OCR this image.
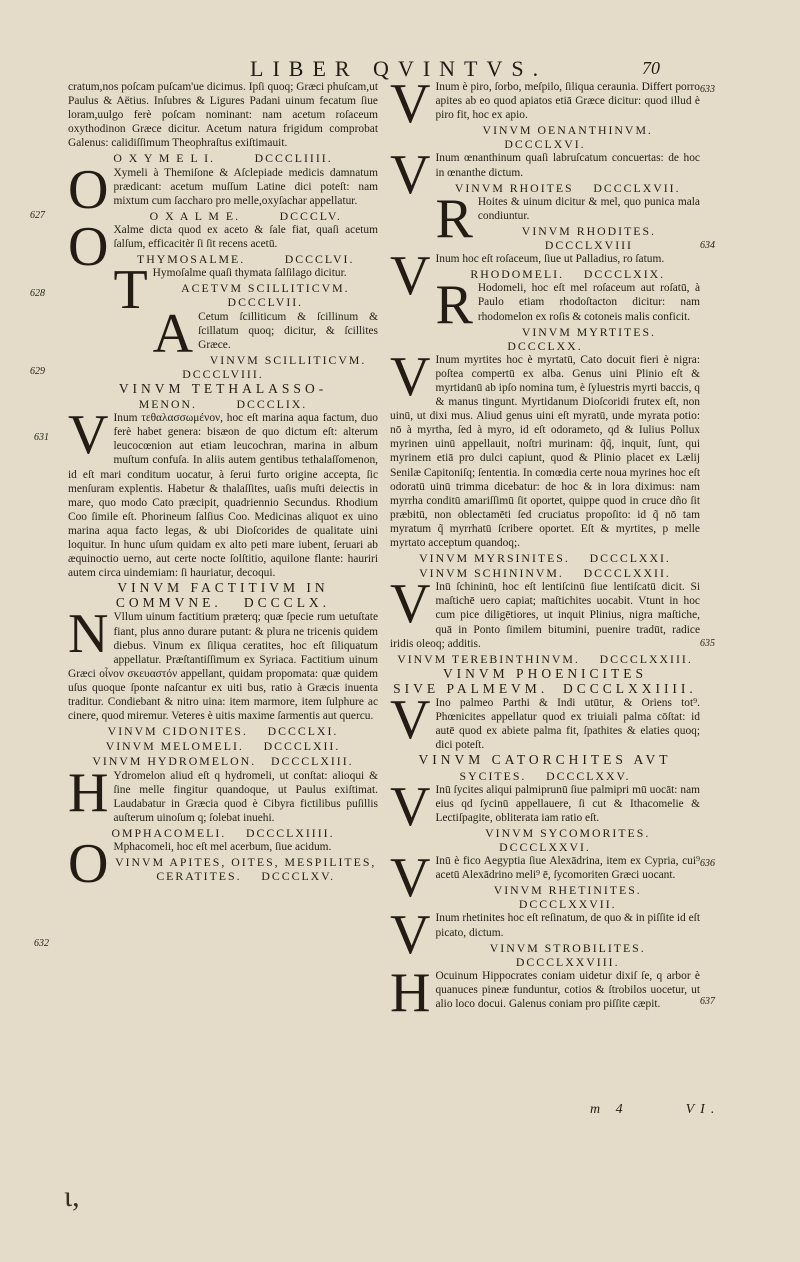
LIBER QVINTVS.	70

cratum,nos poſcam puſcam'ue dicimus. Ipſi quoq; Græci phuſcam,ut Paulus & Aëtius. Inſubres & Ligures Padani uinum fecatum ſiue loram,uulgo ferè poſcam nominant: nam acetum roſaceum oxythodinon Græce dicitur. Acetum natura frigidum comprobat Galenus: calidiſſimum Theophraſtus exiſtimauit.

O X Y M E L I.        DCCCLIIII.

O Xymeli à Themiſone & Aſclepiade medicis damnatum prædicant: acetum muſſum Latine dici poteſt: nam mixtum cum ſaccharo pro melle,oxyſachar appellatur.

O X A L M E.        DCCCLV.

O Xalme dicta quod ex aceto & ſale fiat, quaſi acetum ſalſum, efficacitèr ſi ſit recens acetū.

THYMOSALME.        DCCCLVI.

T Hymoſalme quaſi thymata ſalſilago dicitur.

ACETVM SCILLITICVM.   DCCCLVII.

A Cetum ſcilliticum & ſcillinum & ſcillatum quoq; dicitur, & ſcillites Græce.

VINVM SCILLITICVM.   DCCCLVIII.

VINVM TETHALASSO-

MENON.        DCCCLIX.

V Inum τεθαλασσωμένον, hoc eſt marina aqua factum, duo ferè habet genera: bisæon de quo dictum eſt: alterum leucocœnion aut etiam leucochran, marina in album muſtum confuſa. In aliis autem gentibus tethalaſſomenon, id eſt mari conditum uocatur, à ſerui furto origine accepta, ſic menſuram explentis. Habetur & thalaſſites, uaſis muſti deiectis in mare, quo modo Cato præcipit, quadriennio Secundus. Rhodium Coo ſimile eſt. Phorineum ſalſius Coo. Medicinas aliquot ex uino marina aqua facto legas, & ubi Dioſcorides de qualitate uini loquitur. In hunc uſum quidam ex alto peti mare iubent, ſeruari ab æquinoctio uerno, aut certe nocte ſolſtitio, aquilone flante: hauriri autem circa uindemiam: ſi hauriatur, decoqui.

VINVM FACTITIVM IN

COMMVNE.   DCCCLX.

N Vllum uinum factitium præterq; quæ ſpecie rum uetuſtate fiant, plus anno durare putant: & plura ne tricenis quidem diebus. Vinum ex ſiliqua ceratites, hoc eſt ſiliquatum appellatur. Præſtantiſſimum ex Syriaca. Factitium uinum Græci οἶνον σκευαστόν appellant, quidam propomata: quæ quidem uſus quoque ſponte naſcantur ex uiti bus, ratio à Græcis inuenta traditur. Condiebant & nitro uina: item marmore, item ſulphure ac cinere, quod miremur. Veteres è uitis maxime ſarmentis aut quercu.

VINVM CIDONITES.    DCCCLXI.

VINVM MELOMELI.    DCCCLXII.

VINVM HYDROMELON.   DCCCLXIII.

H Ydromelon aliud eſt q hydromeli, ut conſtat: alioqui & ſine melle fingitur quandoque, ut Paulus exiſtimat. Laudabatur in Græcia quod è Cibyra fictilibus puſillis auſterum uinoſum q; ſolebat inuehi.

OMPHACOMELI.    DCCCLXIIII.

O Mphacomeli, hoc eſt mel acerbum, ſiue acidum.

VINVM APITES, OITES, MESPILITES, CERATITES.    DCCCLXV.

V Inum è piro, ſorbo, meſpilo, ſiliqua ceraunia. Differt porro apites ab eo quod apiatos etiā Græce dicitur: quod illud è piro fit, hoc ex apio.

VINVM OENANTHINVM.    DCCCLXVI.

V Inum œnanthinum quaſi labruſcatum concuertas: de hoc in œnanthe dictum.

VINVM RHOITES    DCCCLXVII.

R Hoites & uinum dicitur & mel, quo punica mala condiuntur.

VINVM RHODITES.   DCCCLXVIII

V Inum hoc eſt roſaceum, ſiue ut Palladius, ro ſatum.

RHODOMELI.    DCCCLXIX.

R Hodomeli, hoc eſt mel roſaceum aut roſatū, à Paulo etiam rhodoſtacton dicitur: nam rhodomelon ex roſis & cotoneis malis conficit.

VINVM MYRTITES.    DCCCLXX.

V Inum myrtites hoc è myrtatū, Cato docuit fieri è nigra: poſtea compertū ex alba. Genus uini Plinio eſt & myrtidanū ab ipſo nomina tum, è ſyluestris myrti baccis, q & manus tingunt. Myrtidanum Dioſcoridi frutex eſt, non uinū, ut dixi mus. Aliud genus uini eſt myratū, unde myrata potio: nō à myrtha, ſed à myro, id eſt odorameto, qd & Iulius Pollux myrinen uinū appellauit, noſtri murinam: q̃q̃, inquit, ſunt, qui myrinem etiā pro dulci capiunt, quod & Plinio placet ex Lælij Senilæ Capitoniſq; ſententia. In comœdia certe noua myrines hoc eſt odoratū uinū trimma dicebatur: de hoc & in lora diximus: nam myrrha conditū amariſſimū ſit oportet, quippe quod in cruce dño ſit præbitū, non oblectamēti ſed cruciatus propoſito: id q̃ nō tam myratum q̃ myrrhatū ſcribere oportet. Eſt & myrtites, p melle myrtato acceptum quandoq;.

VINVM MYRSINITES.    DCCCLXXI.

VINVM SCHININVM.    DCCCLXXII.

V Inū ſchininū, hoc eſt lentiſcinū ſiue lentiſcatū dicit. Si maſtichē uero capiat; maſtichites uocabit. Vtunt in hoc cum pice diligētiores, ut inquit Plinius, nigra maſtiche, quā in Ponto ſimilem bitumini, puenire tradūt, radice iridis oleoq; additis.

VINVM TEREBINTHINVM.    DCCCLXXIII.

VINVM PHOENICITES

SIVE PALMEVM.  DCCCLXXIIII.

V Ino palmeo Parthi & Indi utūtur, & Oriens tot⁹. Phœnicites appellatur quod ex triuiali palma cōſtat: id autē quod ex abiete palma fit, ſpathites & elaties quoq; dici poteſt.

VINVM CATORCHITES AVT

SYCITES.    DCCCLXXV.

V Inū ſycites aliqui palmiprunū ſiue palmipri mū uocāt: nam eius qd ſycinū appellauere, ſi cut & Ithacomelie & Lectiſpagite, obliterata iam ratio eſt.

VINVM SYCOMORITES.    DCCCLXXVI.

V Inū è fico Aegyptia ſiue Alexādrina, item ex Cypria, cui⁹ acetū Alexādrino meli⁹ ē, ſycomoriten Græci uocant.

VINVM RHETINITES.    DCCCLXXVII.

V Inum rhetinites hoc eſt reſinatum, de quo & in piſſite id eſt picato, dictum.

VINVM STROBILITES.    DCCCLXXVIII.

H Ocuinum Hippocrates coniam uidetur dixiſ ſe, q arbor è quanuces pineæ funduntur, cotios & ſtrobilos uocetur, ut alio loco docui. Galenus coniam pro piſſite cæpit.

627
628
629
631
632
633
634
635
636
637
m 4	VI.
ɩ,
